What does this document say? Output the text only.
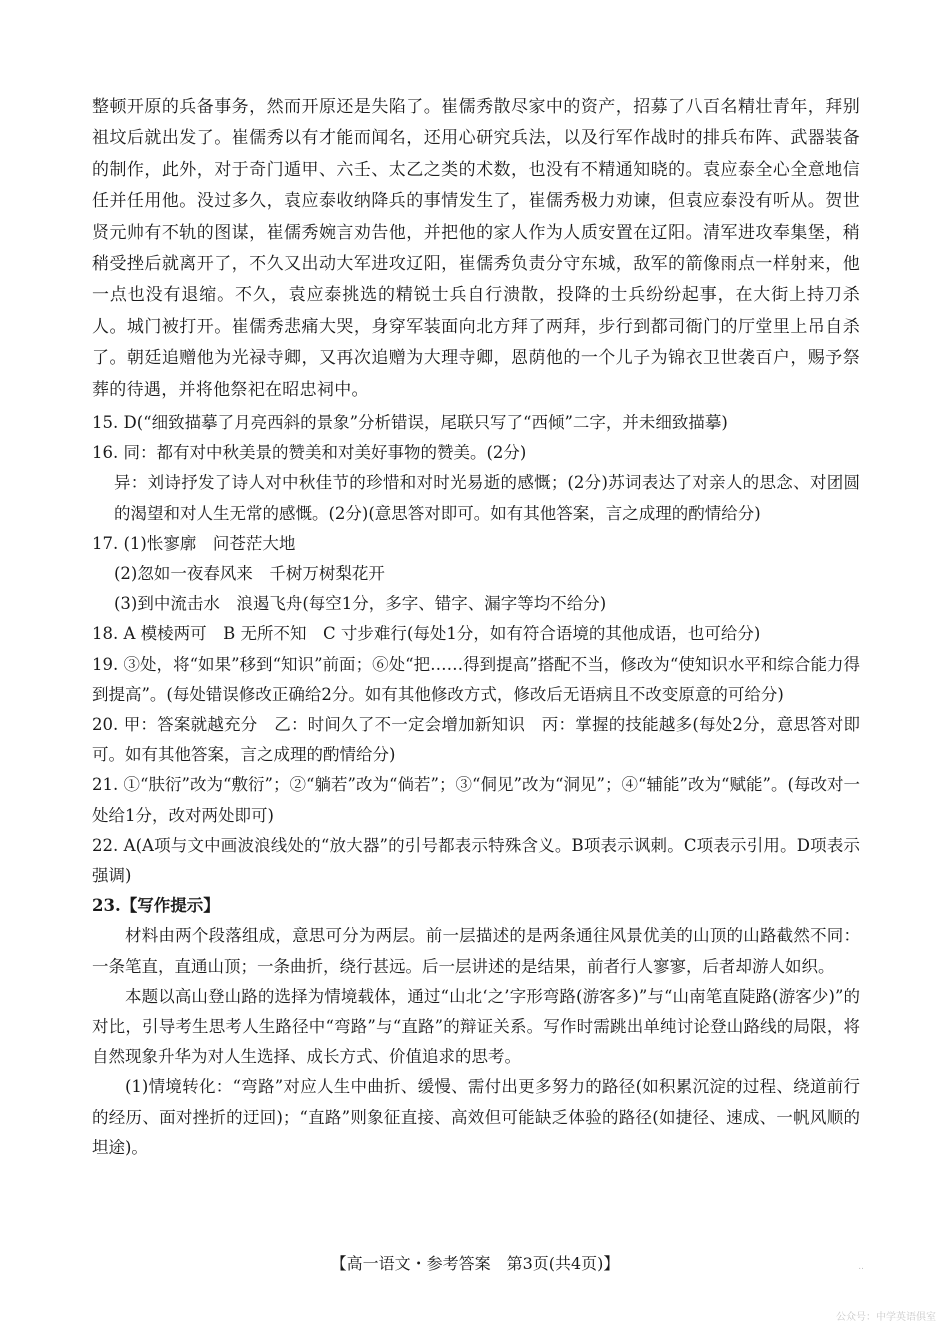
整顿开原的兵备事务，然而开原还是失陷了。崔儒秀散尽家中的资产，招募了八百名精壮青年，拜别祖坟后就出发了。崔儒秀以有才能而闻名，还用心研究兵法，以及行军作战时的排兵布阵、武器装备的制作，此外，对于奇门遁甲、六壬、太乙之类的术数，也没有不精通知晓的。袁应泰全心全意地信任并任用他。没过多久，袁应泰收纳降兵的事情发生了，崔儒秀极力劝谏，但袁应泰没有听从。贺世贤元帅有不轨的图谋，崔儒秀婉言劝告他，并把他的家人作为人质安置在辽阳。清军进攻奉集堡，稍稍受挫后就离开了，不久又出动大军进攻辽阳，崔儒秀负责分守东城，敌军的箭像雨点一样射来，他一点也没有退缩。不久，袁应泰挑选的精锐士兵自行溃散，投降的士兵纷纷起事，在大街上持刀杀人。城门被打开。崔儒秀悲痛大哭，身穿军装面向北方拜了两拜，步行到都司衙门的厅堂里上吊自杀了。朝廷追赠他为光禄寺卿，又再次追赠为大理寺卿，恩荫他的一个儿子为锦衣卫世袭百户，赐予祭葬的待遇，并将他祭祀在昭忠祠中。

15. D(“细致描摹了月亮西斜的景象”分析错误，尾联只写了“西倾”二字，并未细致描摹)

16. 同：都有对中秋美景的赞美和对美好事物的赞美。(2分)
异：刘诗抒发了诗人对中秋佳节的珍惜和对时光易逝的感慨；(2分)苏词表达了对亲人的思念、对团圆的渴望和对人生无常的感慨。(2分)(意思答对即可。如有其他答案，言之成理的酌情给分)
17. (1)怅寥廓　问苍茫大地
(2)忽如一夜春风来　千树万树梨花开
(3)到中流击水　浪遏飞舟(每空1分，多字、错字、漏字等均不给分)

18. A 模棱两可　B 无所不知　C 寸步难行(每处1分，如有符合语境的其他成语，也可给分)

19. ③处，将“如果”移到“知识”前面；⑥处“把……得到提高”搭配不当，修改为“使知识水平和综合能力得到提高”。(每处错误修改正确给2分。如有其他修改方式，修改后无语病且不改变原意的可给分)

20. 甲：答案就越充分　乙：时间久了不一定会增加新知识　丙：掌握的技能越多(每处2分，意思答对即可。如有其他答案，言之成理的酌情给分)

21. ①“肤衍”改为“敷衍”；②“躺若”改为“倘若”；③“侗见”改为“洞见”；④“辅能”改为“赋能”。(每改对一处给1分，改对两处即可)

22. A(A项与文中画波浪线处的“放大器”的引号都表示特殊含义。B项表示讽刺。C项表示引用。D项表示强调)

23.【写作提示】
材料由两个段落组成，意思可分为两层。前一层描述的是两条通往风景优美的山顶的山路截然不同：一条笔直，直通山顶；一条曲折，绕行甚远。后一层讲述的是结果，前者行人寥寥，后者却游人如织。
本题以高山登山路的选择为情境载体，通过“山北‘之’字形弯路(游客多)”与“山南笔直陡路(游客少)”的对比，引导考生思考人生路径中“弯路”与“直路”的辩证关系。写作时需跳出单纯讨论登山路线的局限，将自然现象升华为对人生选择、成长方式、价值追求的思考。
(1)情境转化：“弯路”对应人生中曲折、缓慢、需付出更多努力的路径(如积累沉淀的过程、绕道前行的经历、面对挫折的迂回)；“直路”则象征直接、高效但可能缺乏体验的路径(如捷径、速成、一帆风顺的坦途)。
【高一语文・参考答案　第3页(共4页)】	..
公众号：中学英语俱室
